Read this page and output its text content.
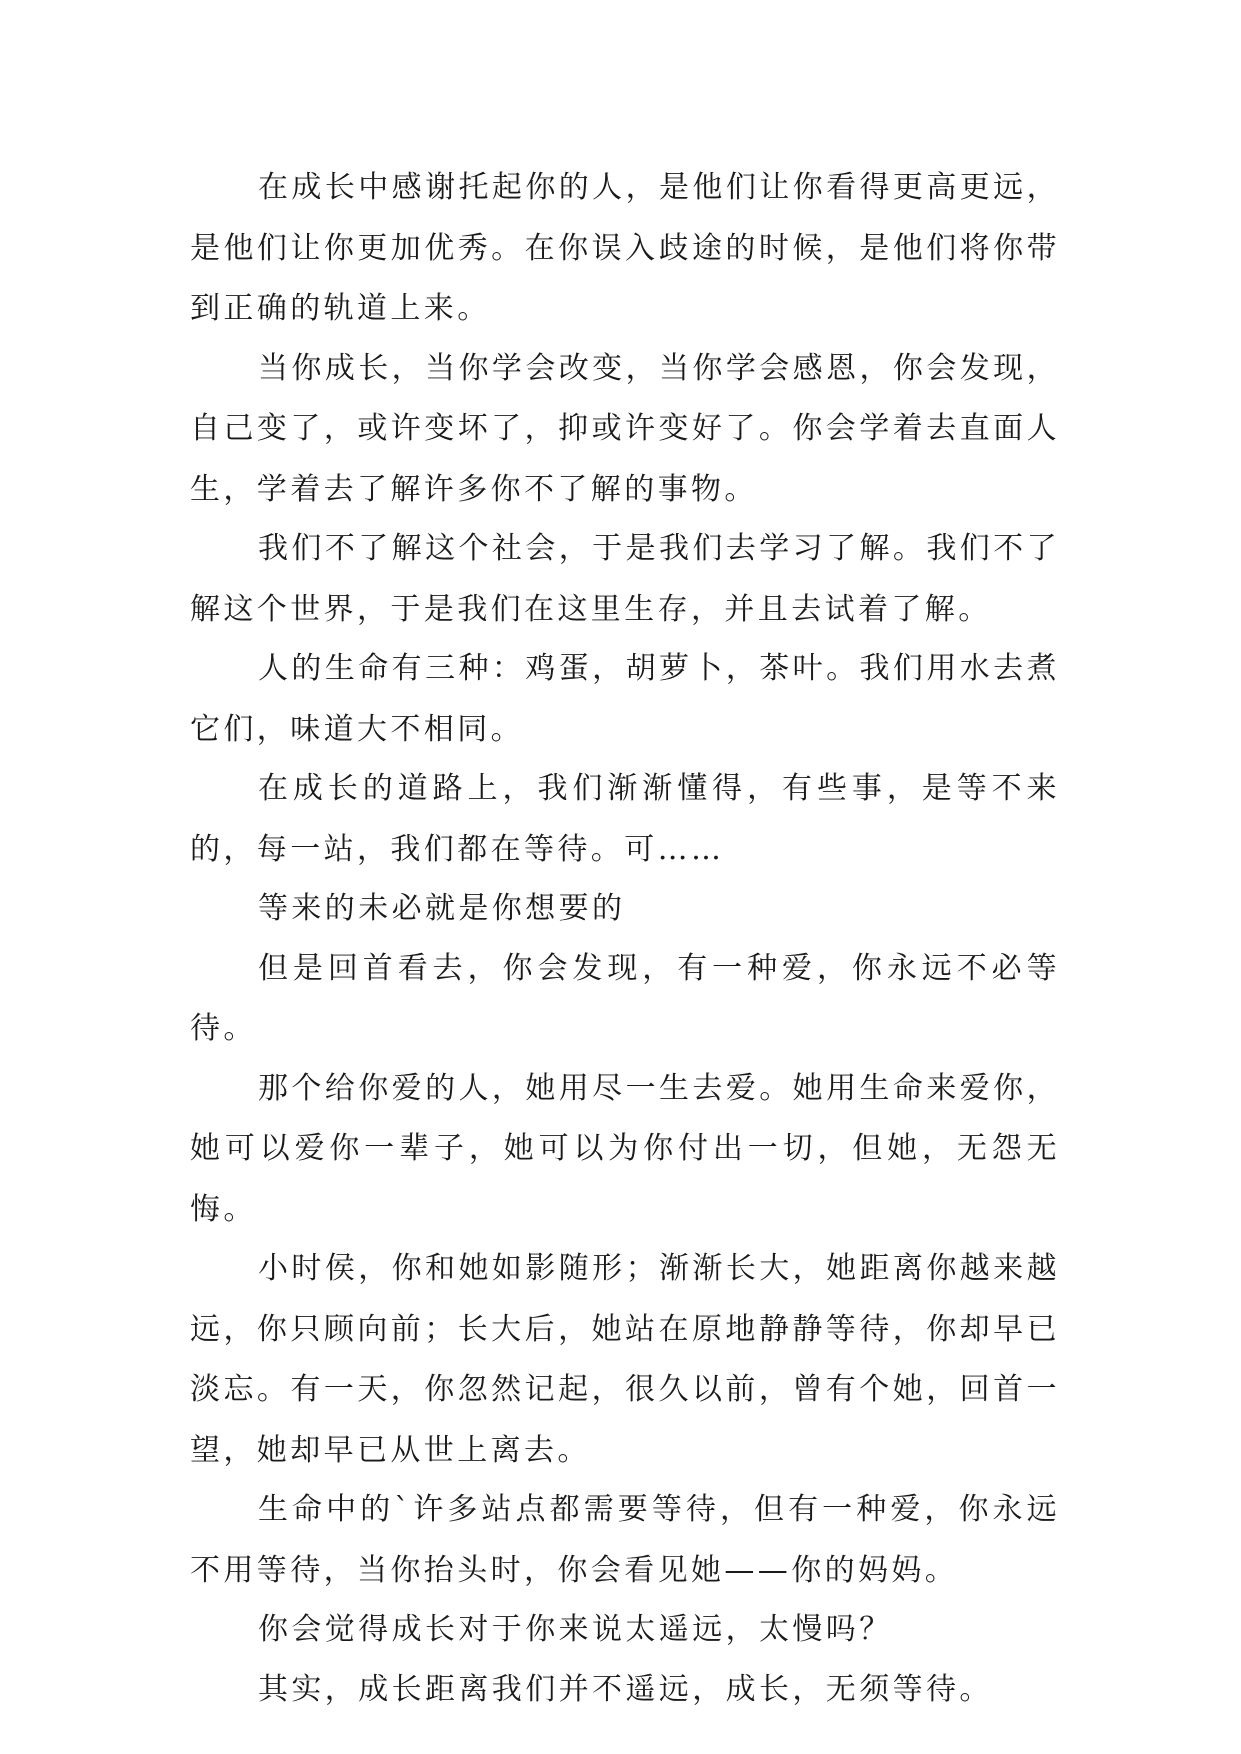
在成长中感谢托起你的人，是他们让你看得更高更远，是他们让你更加优秀。在你误入歧途的时候，是他们将你带到正确的轨道上来。

当你成长，当你学会改变，当你学会感恩，你会发现，自己变了，或许变坏了，抑或许变好了。你会学着去直面人生，学着去了解许多你不了解的事物。

我们不了解这个社会，于是我们去学习了解。我们不了解这个世界，于是我们在这里生存，并且去试着了解。

人的生命有三种：鸡蛋，胡萝卜，茶叶。我们用水去煮它们，味道大不相同。

在成长的道路上，我们渐渐懂得，有些事，是等不来的，每一站，我们都在等待。可……

等来的未必就是你想要的

但是回首看去，你会发现，有一种爱，你永远不必等待。

那个给你爱的人，她用尽一生去爱。她用生命来爱你，她可以爱你一辈子，她可以为你付出一切，但她，无怨无悔。

小时侯，你和她如影随形；渐渐长大，她距离你越来越远，你只顾向前；长大后，她站在原地静静等待，你却早已淡忘。有一天，你忽然记起，很久以前，曾有个她，回首一望，她却早已从世上离去。

生命中的`许多站点都需要等待，但有一种爱，你永远不用等待，当你抬头时，你会看见她——你的妈妈。

你会觉得成长对于你来说太遥远，太慢吗？

其实，成长距离我们并不遥远，成长，无须等待。
